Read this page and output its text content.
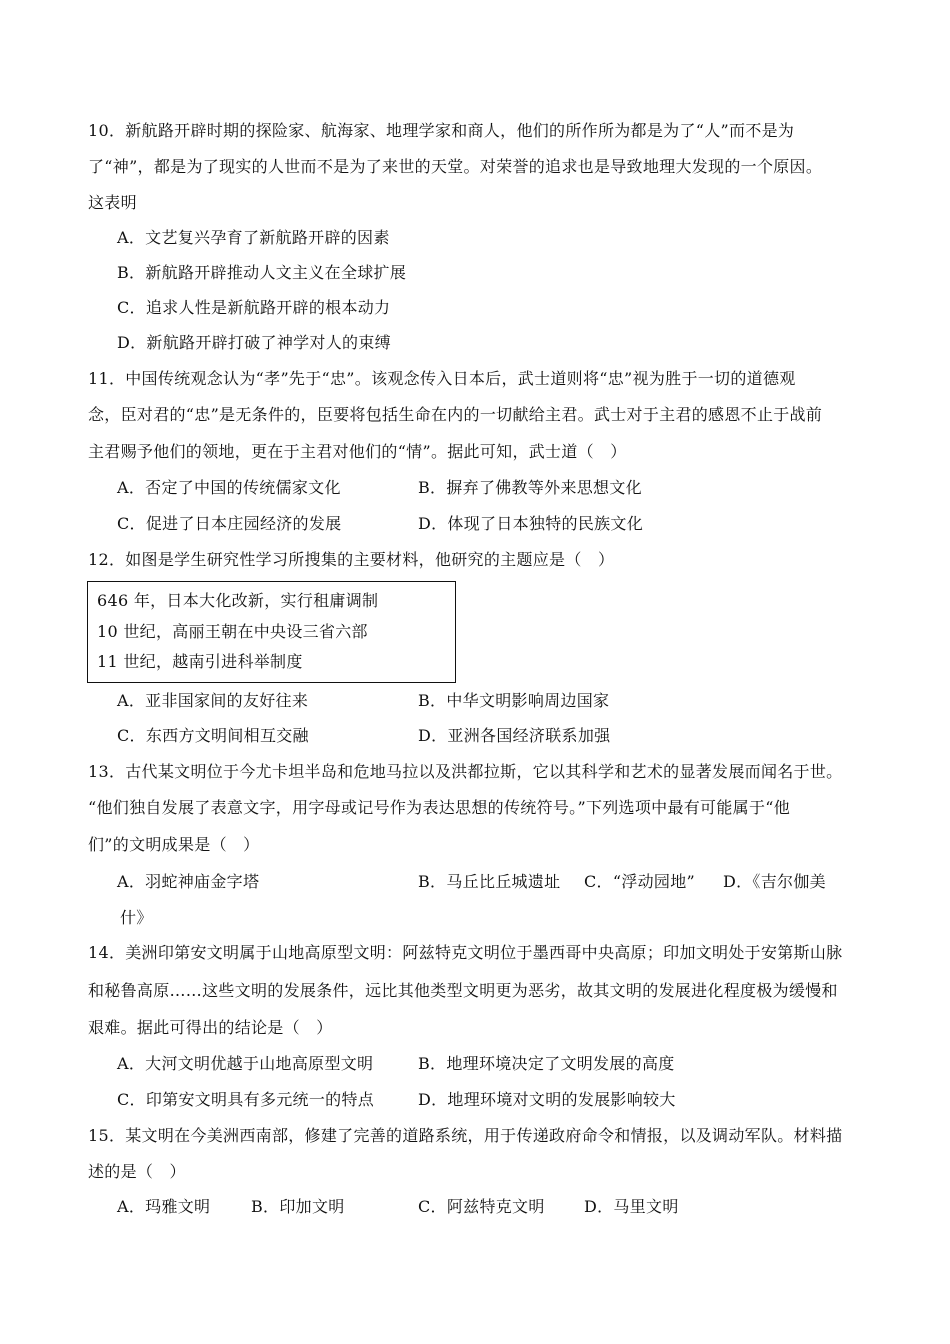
10．新航路开辟时期的探险家、航海家、地理学家和商人，他们的所作所为都是为了“人”而不是为
了“神”，都是为了现实的人世而不是为了来世的天堂。对荣誉的追求也是导致地理大发现的一个原因。
这表明
A．文艺复兴孕育了新航路开辟的因素
B．新航路开辟推动人文主义在全球扩展
C．追求人性是新航路开辟的根本动力
D．新航路开辟打破了神学对人的束缚
11．中国传统观念认为“孝”先于“忠”。该观念传入日本后，武士道则将“忠”视为胜于一切的道德观
念，臣对君的“忠”是无条件的，臣要将包括生命在内的一切献给主君。武士对于主君的感恩不止于战前
主君赐予他们的领地，更在于主君对他们的“情”。据此可知，武士道（　）
A．否定了中国的传统儒家文化	B．摒弃了佛教等外来思想文化
C．促进了日本庄园经济的发展	D．体现了日本独特的民族文化
12．如图是学生研究性学习所搜集的主要材料，他研究的主题应是（　）
646 年，日本大化改新，实行租庸调制
10 世纪，高丽王朝在中央设三省六部
11 世纪，越南引进科举制度
A．亚非国家间的友好往来	B．中华文明影响周边国家
C．东西方文明间相互交融	D．亚洲各国经济联系加强
13．古代某文明位于今尤卡坦半岛和危地马拉以及洪都拉斯，它以其科学和艺术的显著发展而闻名于世。
“他们独自发展了表意文字，用字母或记号作为表达思想的传统符号。”下列选项中最有可能属于“他
们”的文明成果是（　）
A．羽蛇神庙金字塔	B．马丘比丘城遗址 C．“浮动园地” D．《吉尔伽美
什》
14．美洲印第安文明属于山地高原型文明：阿兹特克文明位于墨西哥中央高原；印加文明处于安第斯山脉
和秘鲁高原……这些文明的发展条件，远比其他类型文明更为恶劣，故其文明的发展进化程度极为缓慢和
艰难。据此可得出的结论是（　）
A．大河文明优越于山地高原型文明	B．地理环境决定了文明发展的高度
C．印第安文明具有多元统一的特点	D．地理环境对文明的发展影响较大
15．某文明在今美洲西南部，修建了完善的道路系统，用于传递政府命令和情报，以及调动军队。材料描
述的是（　）
A．玛雅文明	B．印加文明	C．阿兹特克文明 D．马里文明
